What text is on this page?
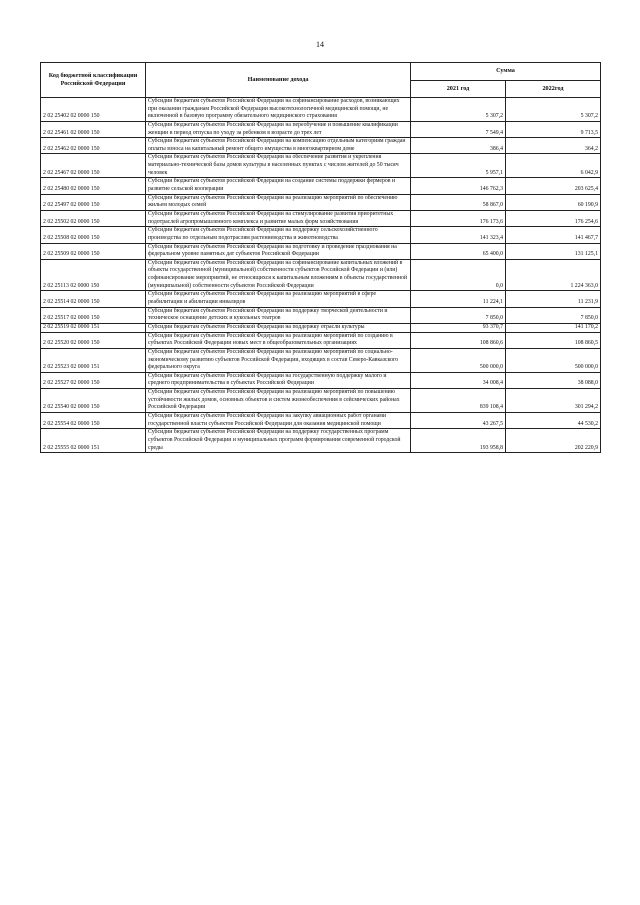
14
Код бюджетной классификации Российской Федерации	Наименование дохода	Сумма	
		2021 год	2022год
2 02 25402 02 0000 150	Субсидии бюджетам субъектов Российской Федерации на софинансирование расходов, возникающих при оказании гражданам Российской Федерации высокотехнологичной медицинской помощи, не включенной в базовую программу обязательного медицинского страхования	5 307,2	5 307,2
2 02 25461 02 0000 150	Субсидии бюджетам субъектов Российской Федерации на переобучение и повышение квалификации женщин в период отпуска по уходу за ребенком в возрасте до трех лет	7 549,4	9 713,5
2 02 25462 02 0000 150	Субсидии бюджетам субъектов Российской Федерации на компенсацию отдельным категориям граждан оплаты взноса на капитальный ремонт общего имущества в многоквартирном доме	386,4	364,2
2 02 25467 02 0000 150	Субсидии бюджетам субъектов Российской Федерации на обеспечение развития и укрепления материально-технической базы домов культуры в населенных пунктах с числом жителей до 50 тысяч человек	5 957,1	6 042,9
2 02 25480 02 0000 150	Субсидии бюджетам субъектов российской Федерации на создание системы поддержки фермеров и развитие сельской кооперации	146 762,3	203 625,4
2 02 25497 02 0000 150	Субсидии бюджетам субъектов Российской Федерации на реализацию мероприятий по обеспечению жильем молодых семей	58 867,0	60 190,9
2 02 25502 02 0000 150	Субсидии бюджетам субъектов Российской Федерации на стимулирование развития приоритетных подотраслей агропромышленного комплекса и развитие малых форм хозяйствования	176 173,6	176 254,6
2 02 25508 02 0000 150	Субсидии бюджетам субъектов Российской Федерации на поддержку сельскохозяйственного производства по отдельным подотраслям растениеводства и животноводства	141 323,4	141 467,7
2 02 25509 02 0000 150	Субсидии бюджетам субъектов Российской Федерации на подготовку и проведение празднования на федеральном уровне памятных дат субъектов Российской Федерации	65 400,0	131 125,1
2 02 25113 02 0000 150	Субсидии бюджетам субъектов Российской Федерации на софинансирование капитальных вложений в объекты государственной (муниципальной) собственности субъектов Российской Федерации и (или) софинансирование мероприятий, не относящихся к капитальным вложениям в объекты государственной (муниципальной) собственности субъектов Российской Федерации	0,0	1 224 363,0
2 02 25514 02 0000 150	Субсидии бюджетам субъектов Российской Федерации на реализацию мероприятий в сфере реабилитации и абилитации инвалидов	11 224,1	11 231,9
2 02 25517 02 0000 150	Субсидии бюджетам субъектов Российской Федерации на поддержку творческой деятельности и техническое оснащение детских и кукольных театров	7 850,0	7 850,0
2 02 25519 02 0000 151	Субсидии бюджетам субъектов Российской Федерации на поддержку отрасли культуры	93 370,7	141 170,2
2 02 25520 02 0000 150	Субсидии бюджетам субъектов Российской Федерации на реализацию мероприятий по созданию в субъектах Российской Федерации новых мест в общеобразовательных организациях	108 860,6	108 860,5
2 02 25523 02 0000 151	Субсидии бюджетам субъектов Российской Федерации на реализацию мероприятий по социально-экономическому развитию субъектов Российской Федерации, входящих в состав Северо-Кавказского федерального округа	500 000,0	500 000,0
2 02 25527 02 0000 150	Субсидии бюджетам субъектов Российской Федерации на государственную поддержку малого и среднего предпринимательства в субъектах Российской Федерации	34 008,4	38 088,0
2 02 25540 02 0000 150	Субсидии бюджетам субъектов Российской Федерации на реализацию мероприятий по повышению устойчивости жилых домов, основных объектов и систем жизнеобеспечения в сейсмических районах Российской Федерации	839 108,4	301 294,2
2 02 25554 02 0000 150	Субсидии бюджетам субъектов Российской Федерации на закупку авиационных работ органами государственной власти субъектов Российской Федерации для оказания медицинской помощи	43 267,5	44 530,2
2 02 25555 02 0000 151	Субсидии бюджетам субъектов Российской Федерации на поддержку государственных программ субъектов Российской Федерации и муниципальных программ формирования современной городской среды	193 958,8	202 220,9
